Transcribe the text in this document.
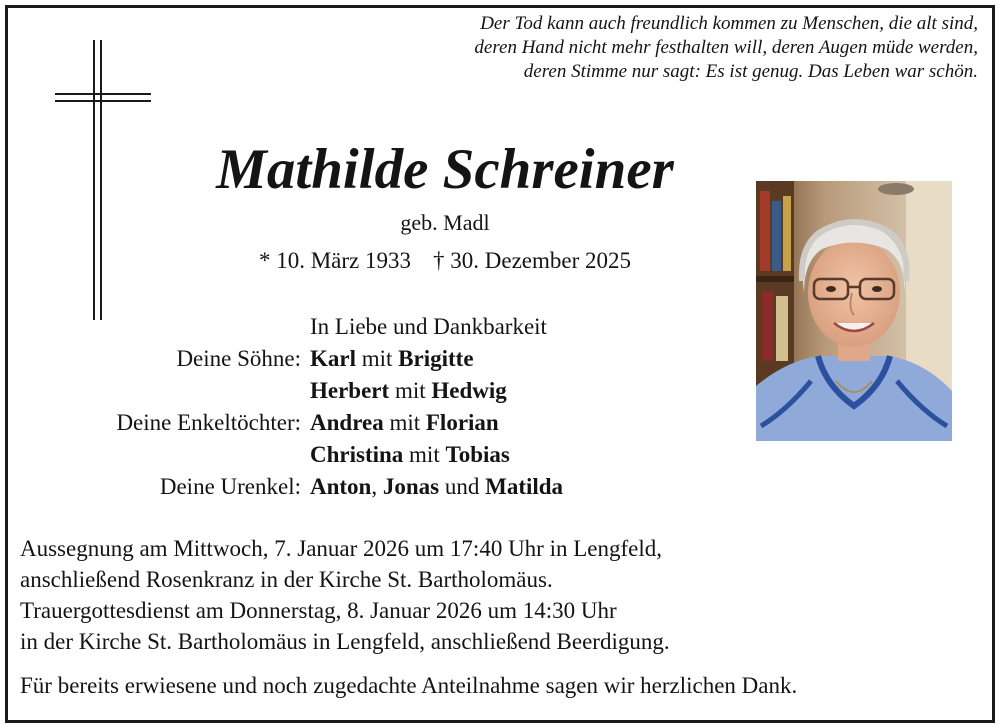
Der Tod kann auch freundlich kommen zu Menschen, die alt sind,
deren Hand nicht mehr festhalten will, deren Augen müde werden,
deren Stimme nur sagt: Es ist genug. Das Leben war schön.
Mathilde Schreiner
geb. Madl
* 10. März 1933 † 30. Dezember 2025
In Liebe und Dankbarkeit
Deine Söhne: Karl mit Brigitte
Herbert mit Hedwig
Deine Enkeltöchter: Andrea mit Florian
Christina mit Tobias
Deine Urenkel: Anton, Jonas und Matilda
Aussegnung am Mittwoch, 7. Januar 2026 um 17:40 Uhr in Lengfeld,
anschließend Rosenkranz in der Kirche St. Bartholomäus.
Trauergottesdienst am Donnerstag, 8. Januar 2026 um 14:30 Uhr
in der Kirche St. Bartholomäus in Lengfeld, anschließend Beerdigung.
Für bereits erwiesene und noch zugedachte Anteilnahme sagen wir herzlichen Dank.
